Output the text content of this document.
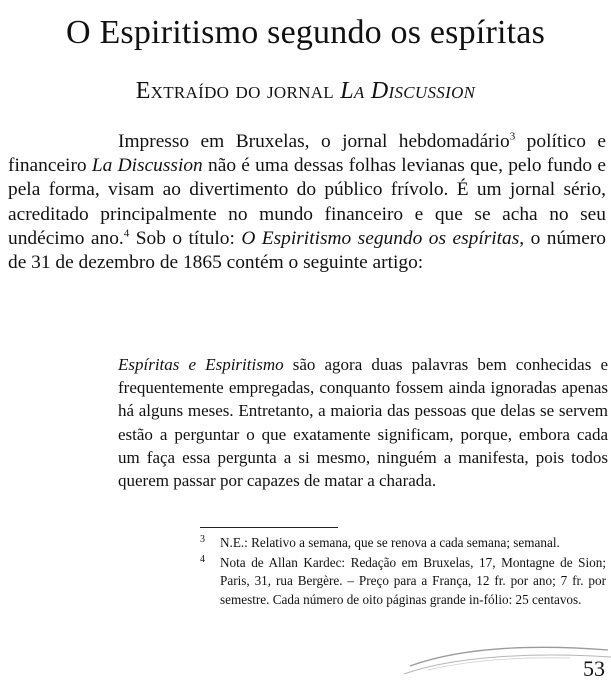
O Espiritismo segundo os espíritas
Extraído do jornal La Discussion

Impresso em Bruxelas, o jornal hebdomadário$^3$ político e financeiro La Discussion não é uma dessas folhas levianas que, pelo fundo e pela forma, visam ao divertimento do público frívolo. É um jornal sério, acreditado principalmente no mundo financeiro e que se acha no seu undécimo ano.$^4$ Sob o título: O Espiritismo segundo os espíritas, o número de 31 de dezembro de 1865 contém o seguinte artigo:

Espíritas e Espiritismo são agora duas palavras bem conhecidas e frequentemente empregadas, conquanto fossem ainda ignoradas apenas há alguns meses. Entretanto, a maioria das pessoas que delas se servem estão a perguntar o que exatamente significam, porque, embora cada um faça essa pergunta a si mesmo, ninguém a manifesta, pois todos querem passar por capazes de matar a charada.

3 N.E.: Relativo a semana, que se renova a cada semana; semanal.
4 Nota de Allan Kardec: Redação em Bruxelas, 17, Montagne de Sion; Paris, 31, rua Bergère. – Preço para a França, 12 fr. por ano; 7 fr. por semestre. Cada número de oito páginas grande in-fólio: 25 centavos.
53
